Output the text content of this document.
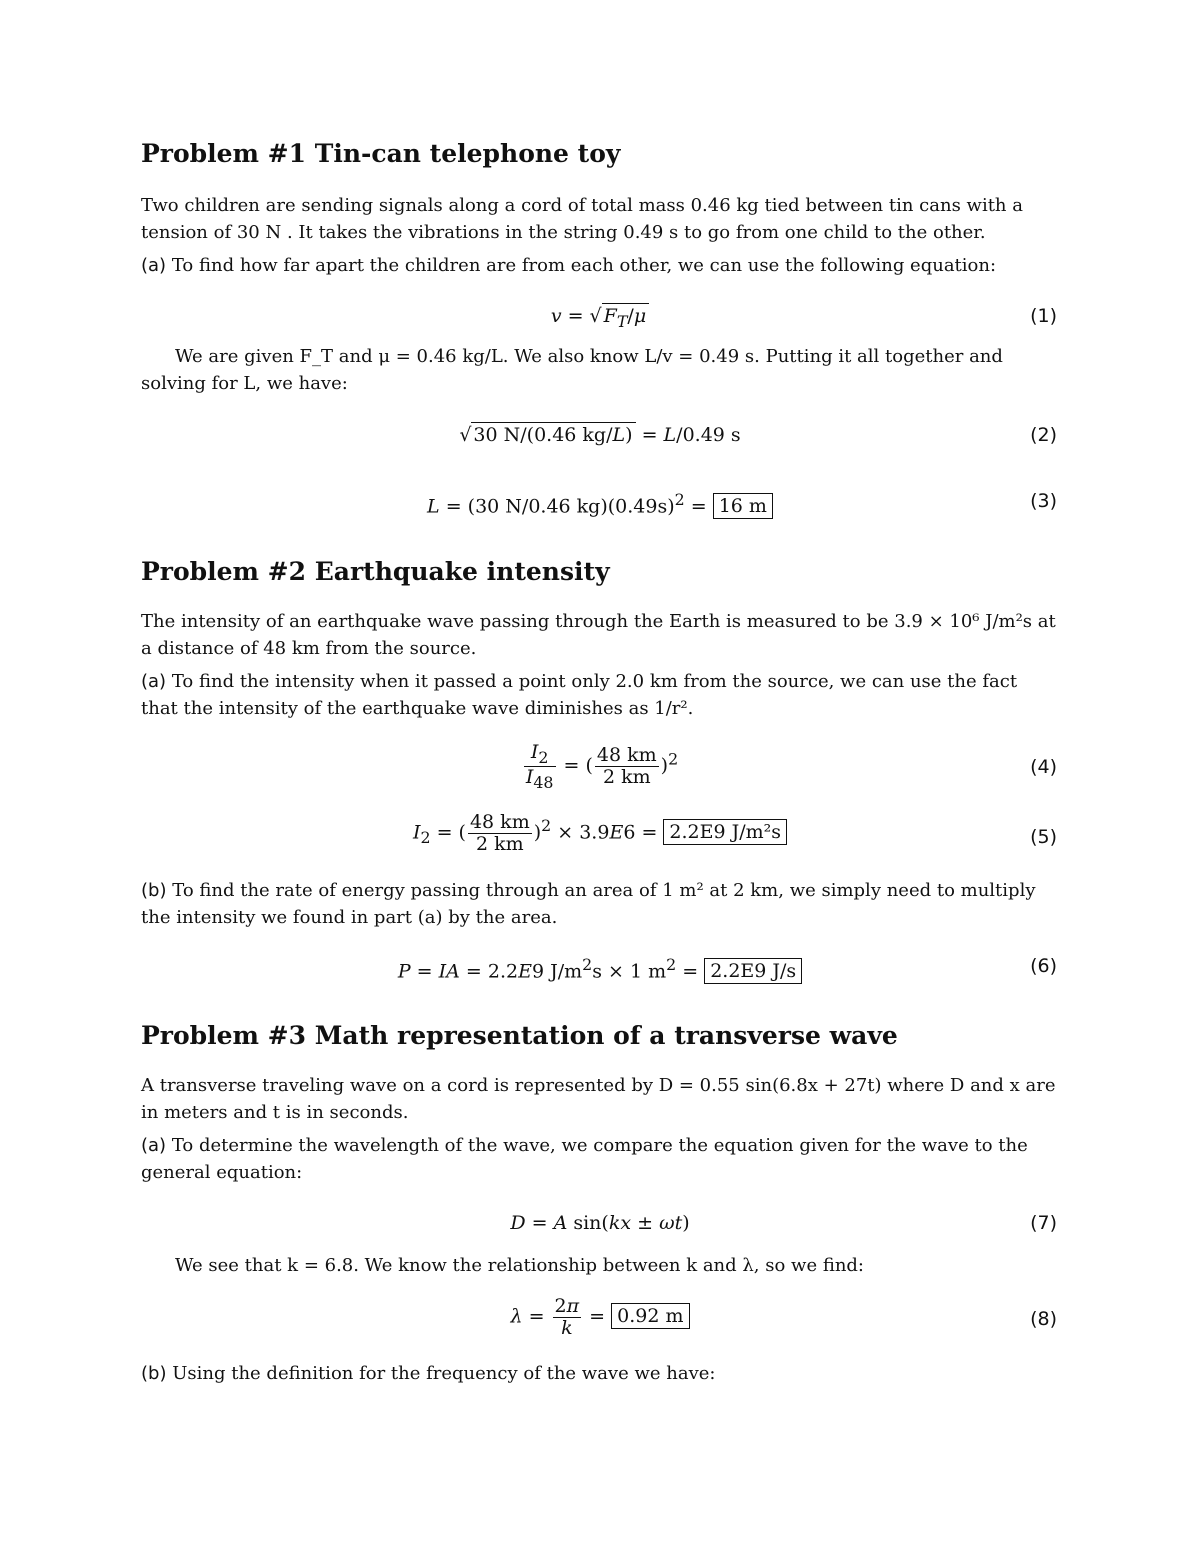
Problem #1 Tin-can telephone toy

Two children are sending signals along a cord of total mass 0.46 kg tied between tin cans with a tension of 30 N . It takes the vibrations in the string 0.49 s to go from one child to the other.

(a) To find how far apart the children are from each other, we can use the following equation:

v = √ $F_T/\mu$	(1)

We are given F_T and μ = 0.46 kg/L. We also know L/v = 0.49 s. Putting it all together and solving for L, we have:

√ 30 N/(0.46 kg/L) = L/0.49 s	(2)
L = (30 N/0.46 $kg)(0.49s)^2 = 16$ m	(3)
Problem #2 Earthquake intensity

The intensity of an earthquake wave passing through the Earth is measured to be 3.9 × 10⁶ J/m²s at a distance of 48 km from the source.

(a) To find the intensity when it passed a point only 2.0 km from the source, we can use the fact that the intensity of the earthquake wave diminishes as 1/r².

$\frac{I_2}{I_{48}}$ = ( $\frac{48 km}{2 km} )^2$	(4)
$I_2$ = ( $\frac{48 km}{2 km} )^2 \times 3.9E6 = 2.2E9$ J/m²s	(5)

(b) To find the rate of energy passing through an area of 1 m² at 2 km, we simply need to multiply the intensity we found in part (a) by the area.

P = IA = 2.2E9 $J/m^2s \times 1$ $m^2 = 2.2E9$ J/s	(6)
Problem #3 Math representation of a transverse wave

A transverse traveling wave on a cord is represented by D = 0.55 sin(6.8x + 27t) where D and x are in meters and t is in seconds.

(a) To determine the wavelength of the wave, we compare the equation given for the wave to the general equation:

D = A sin(kx ± ωt)	(7)

We see that k = 6.8. We know the relationship between k and λ, so we find:

$\lambda = \frac{2\pi}{k} = 0.92$ m	(8)

(b) Using the definition for the frequency of the wave we have:
